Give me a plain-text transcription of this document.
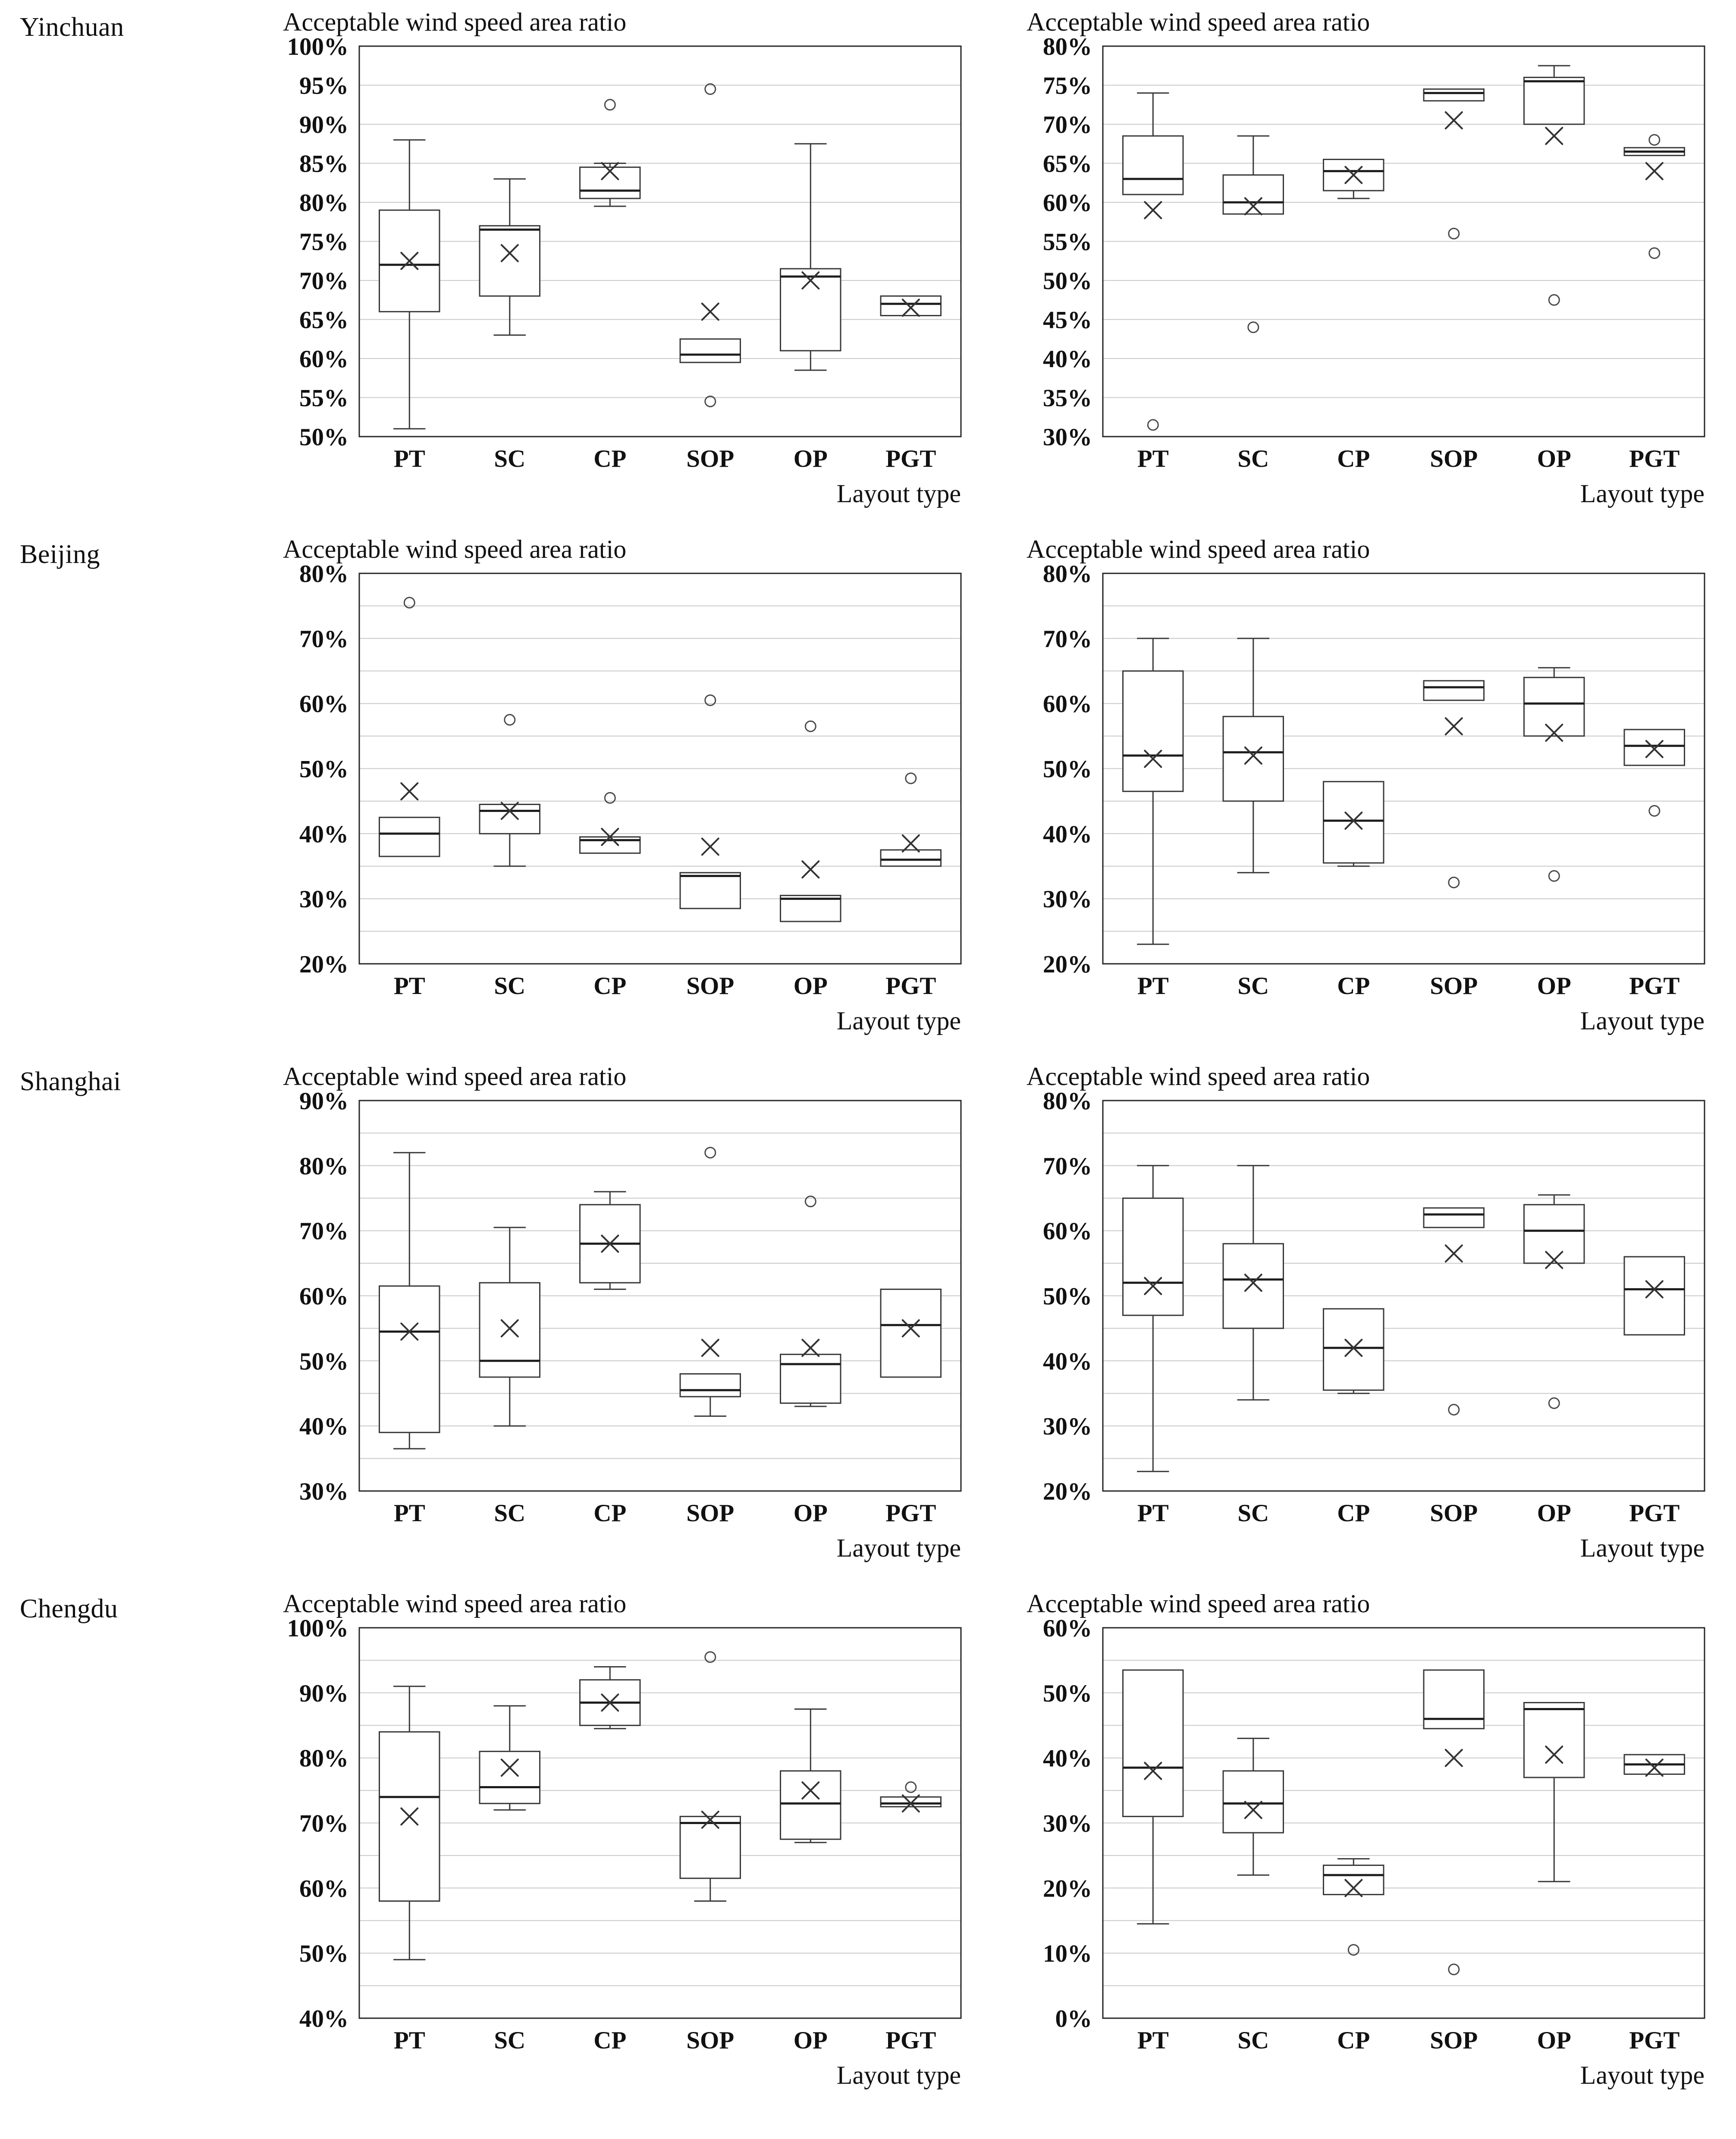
Yinchuan	Acceptable wind speed area ratio
50%
55%
60%
65%
70%
75%
80%
85%
90%
95%
100%
PT	SC	CP SOP OP PGT
Layout type
Acceptable wind speed area ratio
30%
35%
40%
45%
50%
55%
60%
65%
70%
75%
80%
PT	SC	CP SOP OP PGT
Layout type
Beijing	Acceptable wind speed area ratio
20%
30%
40%
50%
60%
70%
80%
PT	SC	CP SOP OP PGT
Layout type
Acceptable wind speed area ratio
20%
30%
40%
50%
60%
70%
80%
PT	SC	CP SOP OP PGT
Layout type
Shanghai	Acceptable wind speed area ratio
30%
40%
50%
60%
70%
80%
90%
PT	SC	CP SOP OP PGT
Layout type
Acceptable wind speed area ratio
20%
30%
40%
50%
60%
70%
80%
PT	SC	CP SOP OP PGT
Layout type
Chengdu	Acceptable wind speed area ratio
40%
50%
60%
70%
80%
90%
100%
PT	SC	CP SOP OP PGT
Layout type
Acceptable wind speed area ratio
0%
10%
20%
30%
40%
50%
60%
PT	SC	CP SOP OP PGT
Layout type
